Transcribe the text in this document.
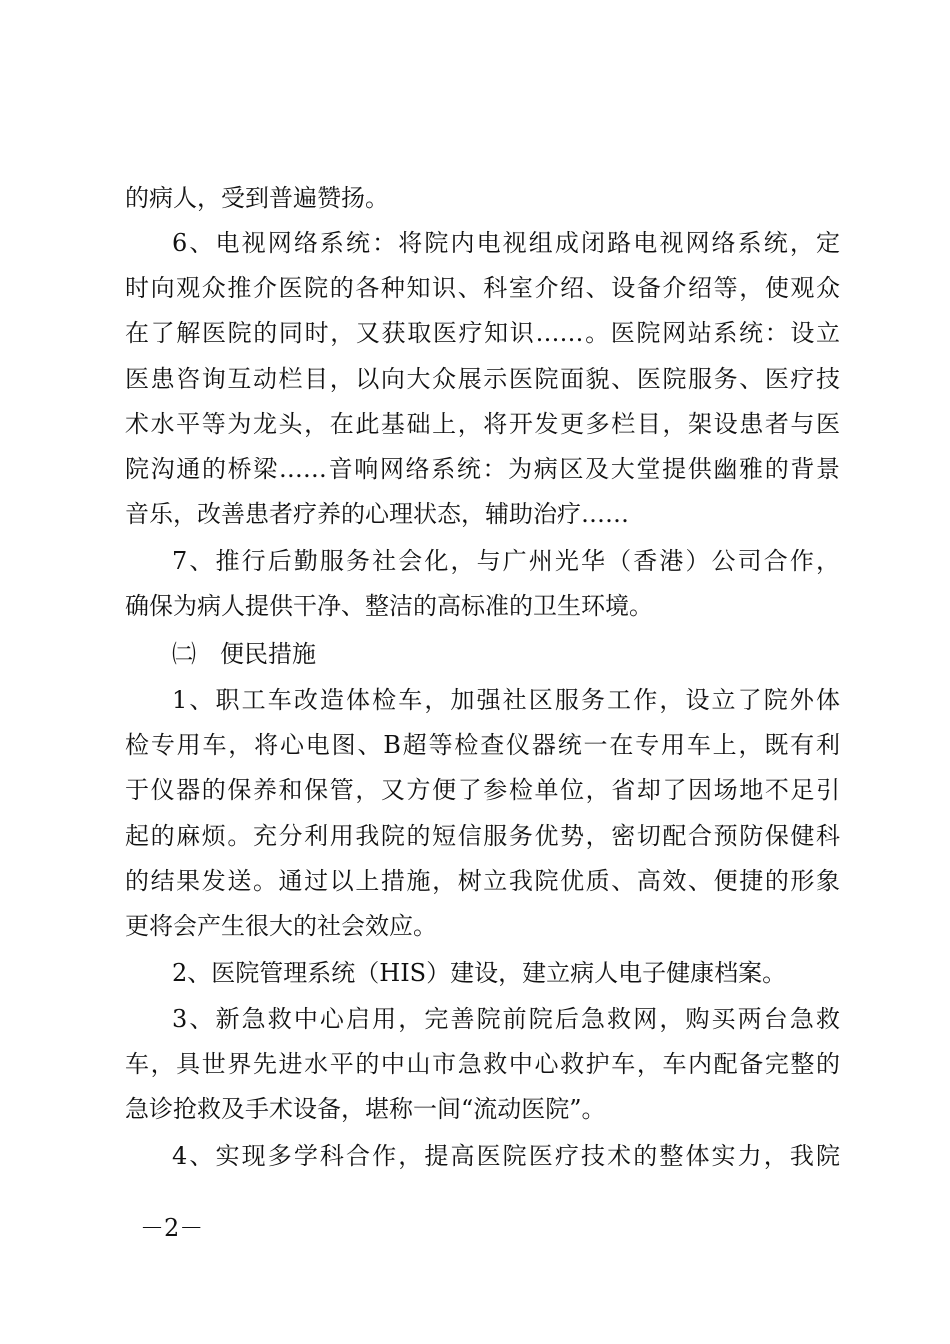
的病人，受到普遍赞扬。
6、电视网络系统：将院内电视组成闭路电视网络系统，定
时向观众推介医院的各种知识、科室介绍、设备介绍等，使观众
在了解医院的同时，又获取医疗知识……。医院网站系统：设立
医患咨询互动栏目，以向大众展示医院面貌、医院服务、医疗技
术水平等为龙头，在此基础上，将开发更多栏目，架设患者与医
院沟通的桥梁……音响网络系统：为病区及大堂提供幽雅的背景
音乐，改善患者疗养的心理状态，辅助治疗……
7、推行后勤服务社会化，与广州光华（香港）公司合作，
确保为病人提供干净、整洁的高标准的卫生环境。
㈡　便民措施
1、职工车改造体检车，加强社区服务工作，设立了院外体
检专用车，将心电图、B超等检查仪器统一在专用车上，既有利
于仪器的保养和保管，又方便了参检单位，省却了因场地不足引
起的麻烦。充分利用我院的短信服务优势，密切配合预防保健科
的结果发送。通过以上措施，树立我院优质、高效、便捷的形象
更将会产生很大的社会效应。
2、医院管理系统（HIS）建设，建立病人电子健康档案。
3、新急救中心启用，完善院前院后急救网，购买两台急救
车，具世界先进水平的中山市急救中心救护车，车内配备完整的
急诊抢救及手术设备，堪称一间“流动医院”。
4、实现多学科合作，提高医院医疗技术的整体实力，我院
－2－
